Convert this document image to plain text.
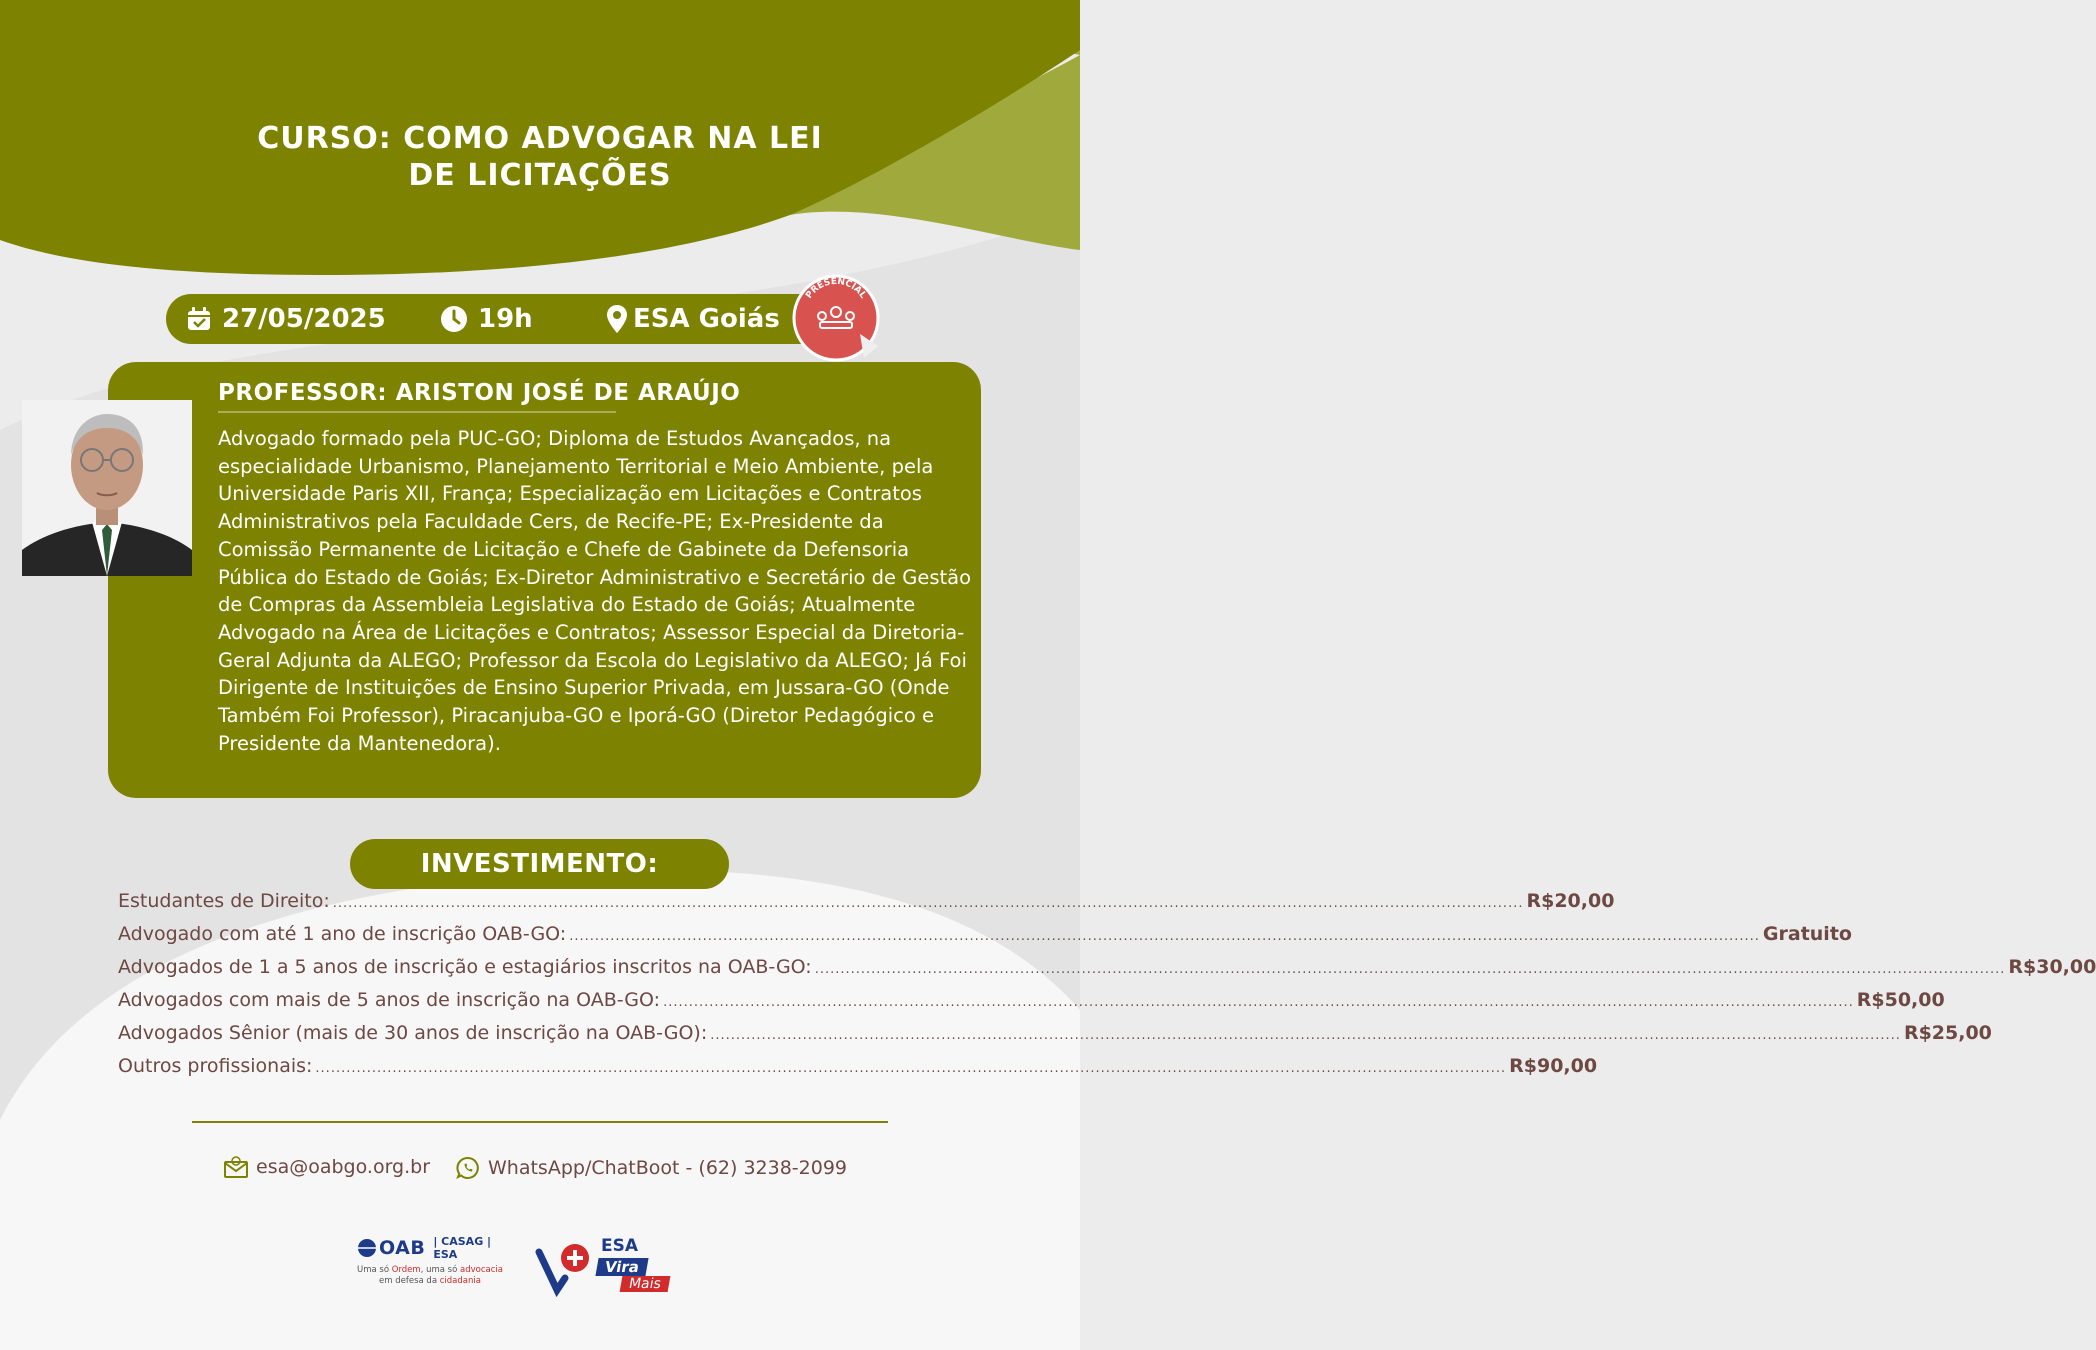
CURSO: COMO ADVOGAR NA LEI
DE LICITAÇÕES
27/05/2025	19h	ESA Goiás
PRESENCIAL
PROFESSOR: ARISTON JOSÉ DE ARAÚJO
Advogado formado pela PUC-GO; Diploma de Estudos Avançados, na especialidade Urbanismo, Planejamento Territorial e Meio Ambiente, pela Universidade Paris XII, França; Especialização em Licitações e Contratos Administrativos pela Faculdade Cers, de Recife-PE; Ex-Presidente da Comissão Permanente de Licitação e Chefe de Gabinete da Defensoria Pública do Estado de Goiás; Ex-Diretor Administrativo e Secretário de Gestão de Compras da Assembleia Legislativa do Estado de Goiás; Atualmente Advogado na Área de Licitações e Contratos; Assessor Especial da Diretoria-Geral Adjunta da ALEGO; Professor da Escola do Legislativo da ALEGO; Já Foi Dirigente de Instituições de Ensino Superior Privada, em Jussara-GO (Onde Também Foi Professor), Piracanjuba-GO e Iporá-GO (Diretor Pedagógico e Presidente da Mantenedora).
INVESTIMENTO:
Estudantes de Direito: ........................................................................................................................................................................................................................................ R$20,00
Advogado com até 1 ano de inscrição OAB-GO: ........................................................................................................................................................................................................................................ Gratuito
Advogados de 1 a 5 anos de inscrição e estagiários inscritos na OAB-GO: ........................................................................................................................................................................................................................................ R$30,00
Advogados com mais de 5 anos de inscrição na OAB-GO: ........................................................................................................................................................................................................................................ R$50,00
Advogados Sênior (mais de 30 anos de inscrição na OAB-GO): ........................................................................................................................................................................................................................................ R$25,00
Outros profissionais: ........................................................................................................................................................................................................................................ R$90,00
esa@oabgo.org.br	WhatsApp/ChatBoot - (62) 3238-2099
OAB | CASAG | ESA
Uma só Ordem, uma só advocacia
em defesa da cidadania
ESA
Vira
Mais
